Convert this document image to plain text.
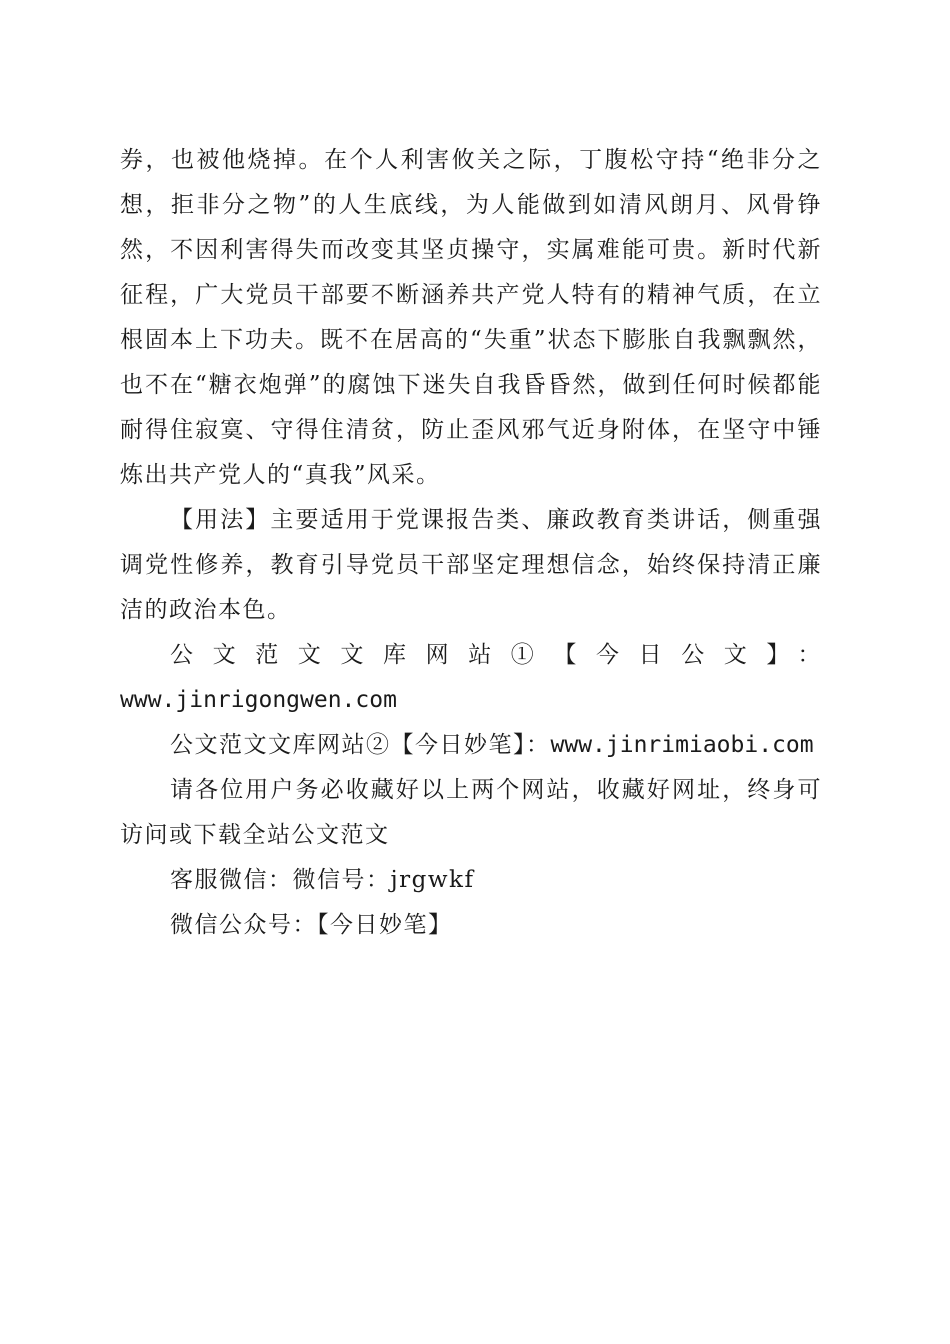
券，也被他烧掉。在个人利害攸关之际，丁腹松守持“绝非分之想，拒非分之物”的人生底线，为人能做到如清风朗月、风骨铮然，不因利害得失而改变其坚贞操守，实属难能可贵。新时代新征程，广大党员干部要不断涵养共产党人特有的精神气质，在立根固本上下功夫。既不在居高的“失重”状态下膨胀自我飘飘然，也不在“糖衣炮弹”的腐蚀下迷失自我昏昏然，做到任何时候都能耐得住寂寞、守得住清贫，防止歪风邪气近身附体，在坚守中锤炼出共产党人的“真我”风采。

【用法】主要适用于党课报告类、廉政教育类讲话，侧重强调党性修养，教育引导党员干部坚定理想信念，始终保持清正廉洁的政治本色。

公文范文文库网站①【今日公文】：

www.jinrigongwen.com

公文范文文库网站②【今日妙笔】：www.jinrimiaobi.com

请各位用户务必收藏好以上两个网站，收藏好网址，终身可访问或下载全站公文范文

客服微信：微信号：jrgwkf

微信公众号：【今日妙笔】
